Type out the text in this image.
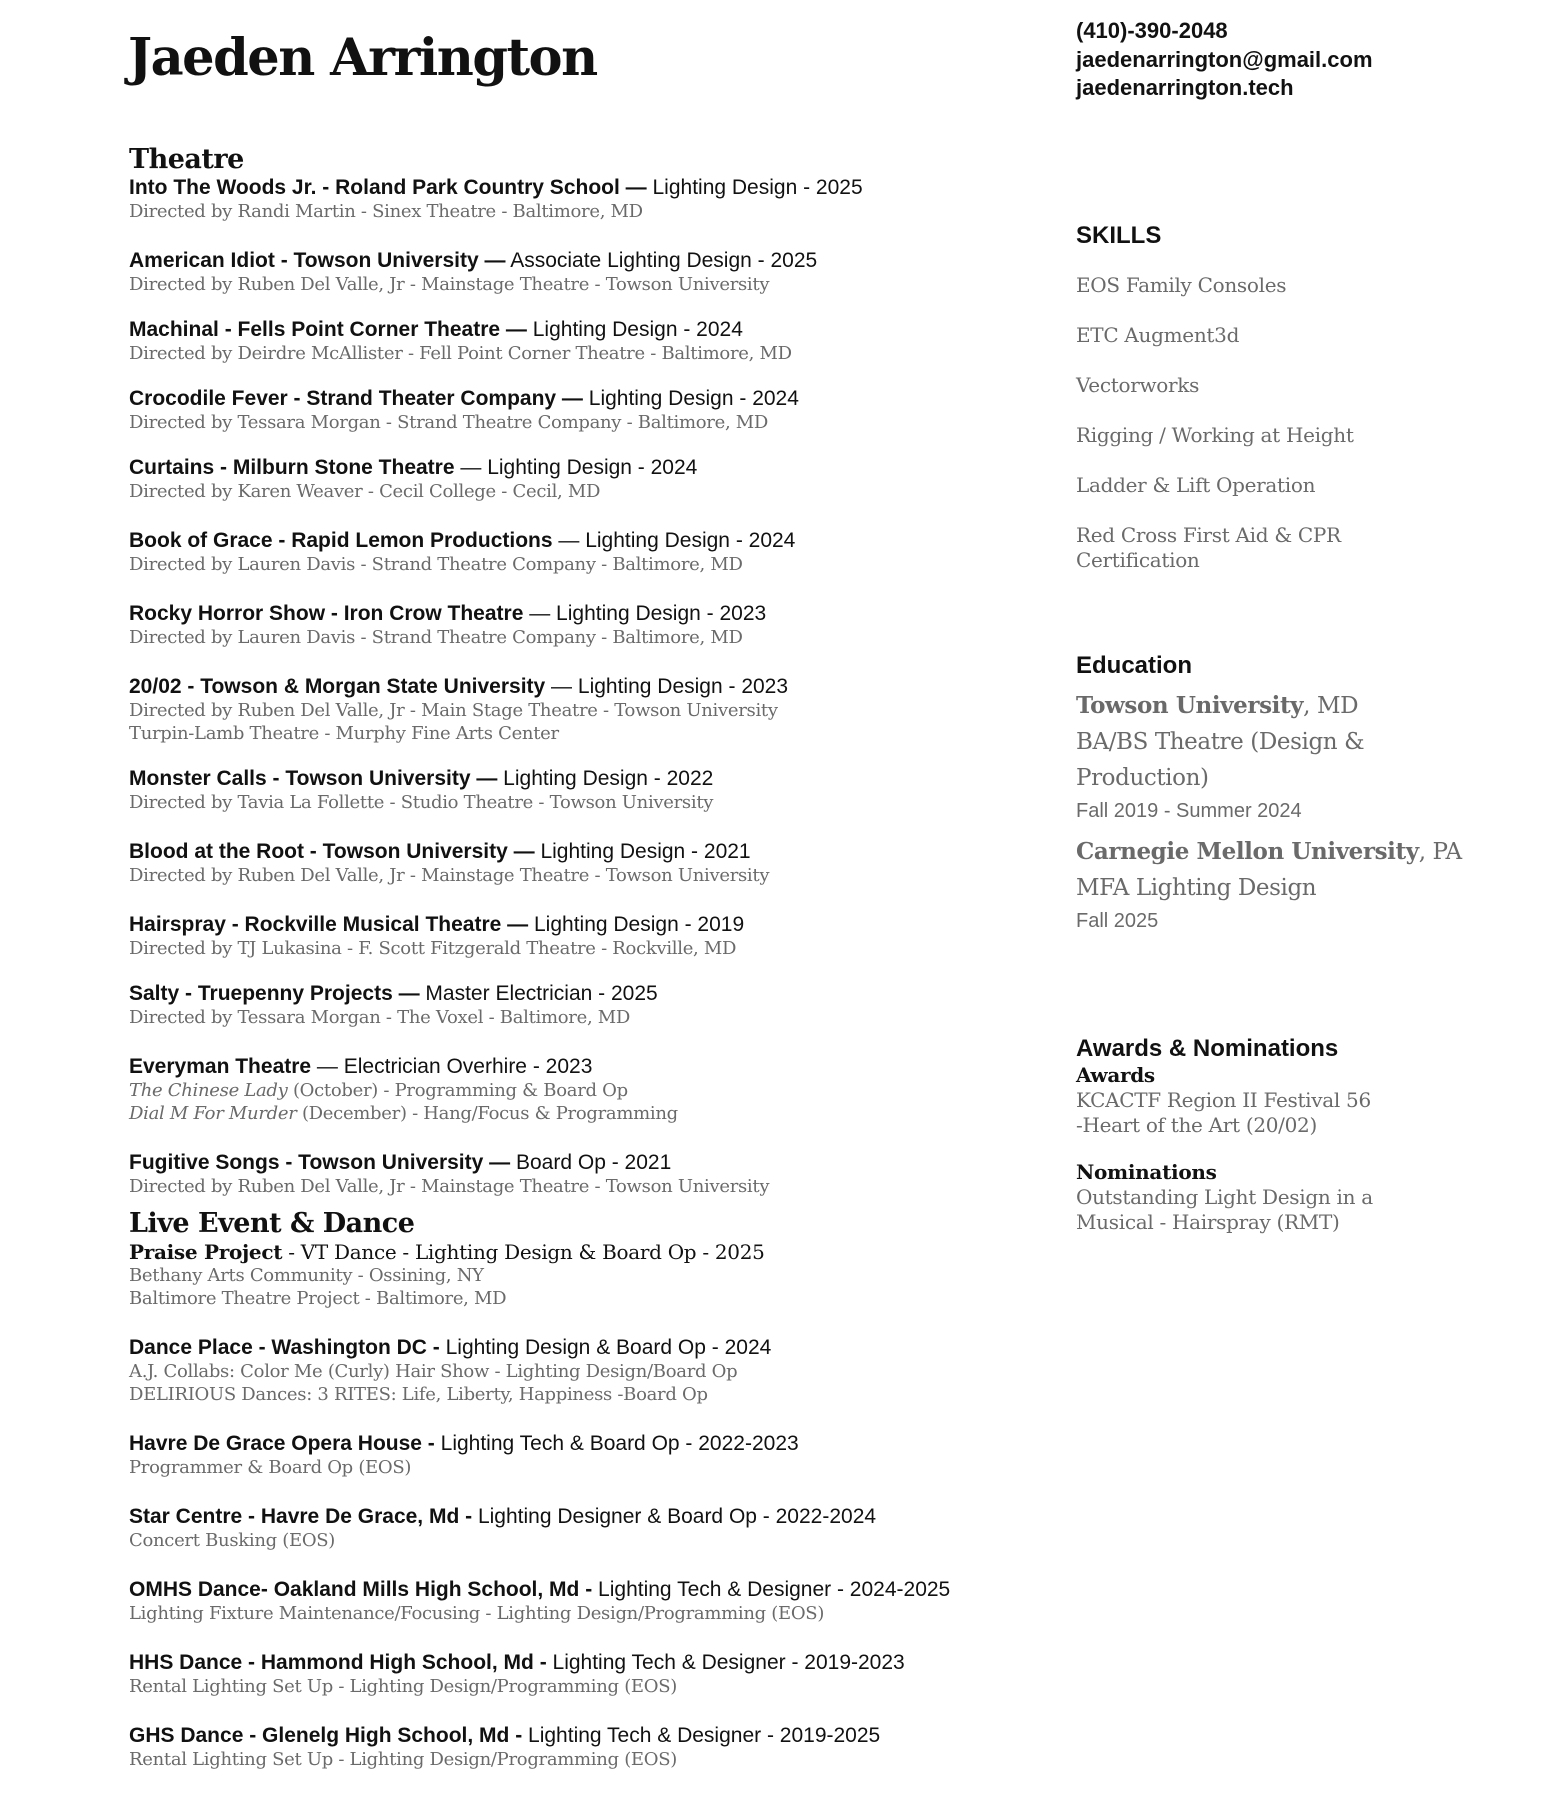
Jaeden Arrington	(410)-390-2048
jaedenarrington@gmail.com
jaedenarrington.tech
Theatre
Into The Woods Jr. - Roland Park Country School — Lighting Design - 2025
Directed by Randi Martin - Sinex Theatre - Baltimore, MD
American Idiot - Towson University — Associate Lighting Design - 2025
Directed by Ruben Del Valle, Jr - Mainstage Theatre - Towson University
Machinal - Fells Point Corner Theatre — Lighting Design - 2024
Directed by Deirdre McAllister - Fell Point Corner Theatre - Baltimore, MD
Crocodile Fever - Strand Theater Company — Lighting Design - 2024
Directed by Tessara Morgan - Strand Theatre Company - Baltimore, MD
Curtains - Milburn Stone Theatre — Lighting Design - 2024
Directed by Karen Weaver - Cecil College - Cecil, MD
Book of Grace - Rapid Lemon Productions — Lighting Design - 2024
Directed by Lauren Davis - Strand Theatre Company - Baltimore, MD
Rocky Horror Show - Iron Crow Theatre — Lighting Design - 2023
Directed by Lauren Davis - Strand Theatre Company - Baltimore, MD
20/02 - Towson & Morgan State University — Lighting Design - 2023
Directed by Ruben Del Valle, Jr - Main Stage Theatre - Towson University
Turpin-Lamb Theatre - Murphy Fine Arts Center
Monster Calls - Towson University — Lighting Design - 2022
Directed by Tavia La Follette - Studio Theatre - Towson University
Blood at the Root - Towson University — Lighting Design - 2021
Directed by Ruben Del Valle, Jr - Mainstage Theatre - Towson University
Hairspray - Rockville Musical Theatre — Lighting Design - 2019
Directed by TJ Lukasina - F. Scott Fitzgerald Theatre - Rockville, MD
Salty - Truepenny Projects — Master Electrician - 2025
Directed by Tessara Morgan - The Voxel - Baltimore, MD
Everyman Theatre — Electrician Overhire - 2023
The Chinese Lady (October) - Programming & Board Op
Dial M For Murder (December) - Hang/Focus & Programming
Fugitive Songs - Towson University — Board Op - 2021
Directed by Ruben Del Valle, Jr - Mainstage Theatre - Towson University
Live Event & Dance
Praise Project - VT Dance - Lighting Design & Board Op - 2025
Bethany Arts Community - Ossining, NY
Baltimore Theatre Project - Baltimore, MD
Dance Place - Washington DC - Lighting Design & Board Op - 2024
A.J. Collabs: Color Me (Curly) Hair Show - Lighting Design/Board Op
DELIRIOUS Dances: 3 RITES: Life, Liberty, Happiness -Board Op
Havre De Grace Opera House - Lighting Tech & Board Op - 2022-2023
Programmer & Board Op (EOS)
Star Centre - Havre De Grace, Md - Lighting Designer & Board Op - 2022-2024
Concert Busking (EOS)
OMHS Dance- Oakland Mills High School, Md - Lighting Tech & Designer - 2024-2025
Lighting Fixture Maintenance/Focusing - Lighting Design/Programming (EOS)
HHS Dance - Hammond High School, Md - Lighting Tech & Designer - 2019-2023
Rental Lighting Set Up - Lighting Design/Programming (EOS)
GHS Dance - Glenelg High School, Md - Lighting Tech & Designer - 2019-2025
Rental Lighting Set Up - Lighting Design/Programming (EOS)
SKILLS
EOS Family Consoles
ETC Augment3d
Vectorworks
Rigging / Working at Height
Ladder & Lift Operation
Red Cross First Aid & CPR
Certification
Education
Towson University, MD
BA/BS Theatre (Design &
Production)
Fall 2019 - Summer 2024
Carnegie Mellon University, PA
MFA Lighting Design
Fall 2025
Awards & Nominations
Awards
KCACTF Region II Festival 56
-Heart of the Art (20/02)
Nominations
Outstanding Light Design in a
Musical - Hairspray (RMT)
